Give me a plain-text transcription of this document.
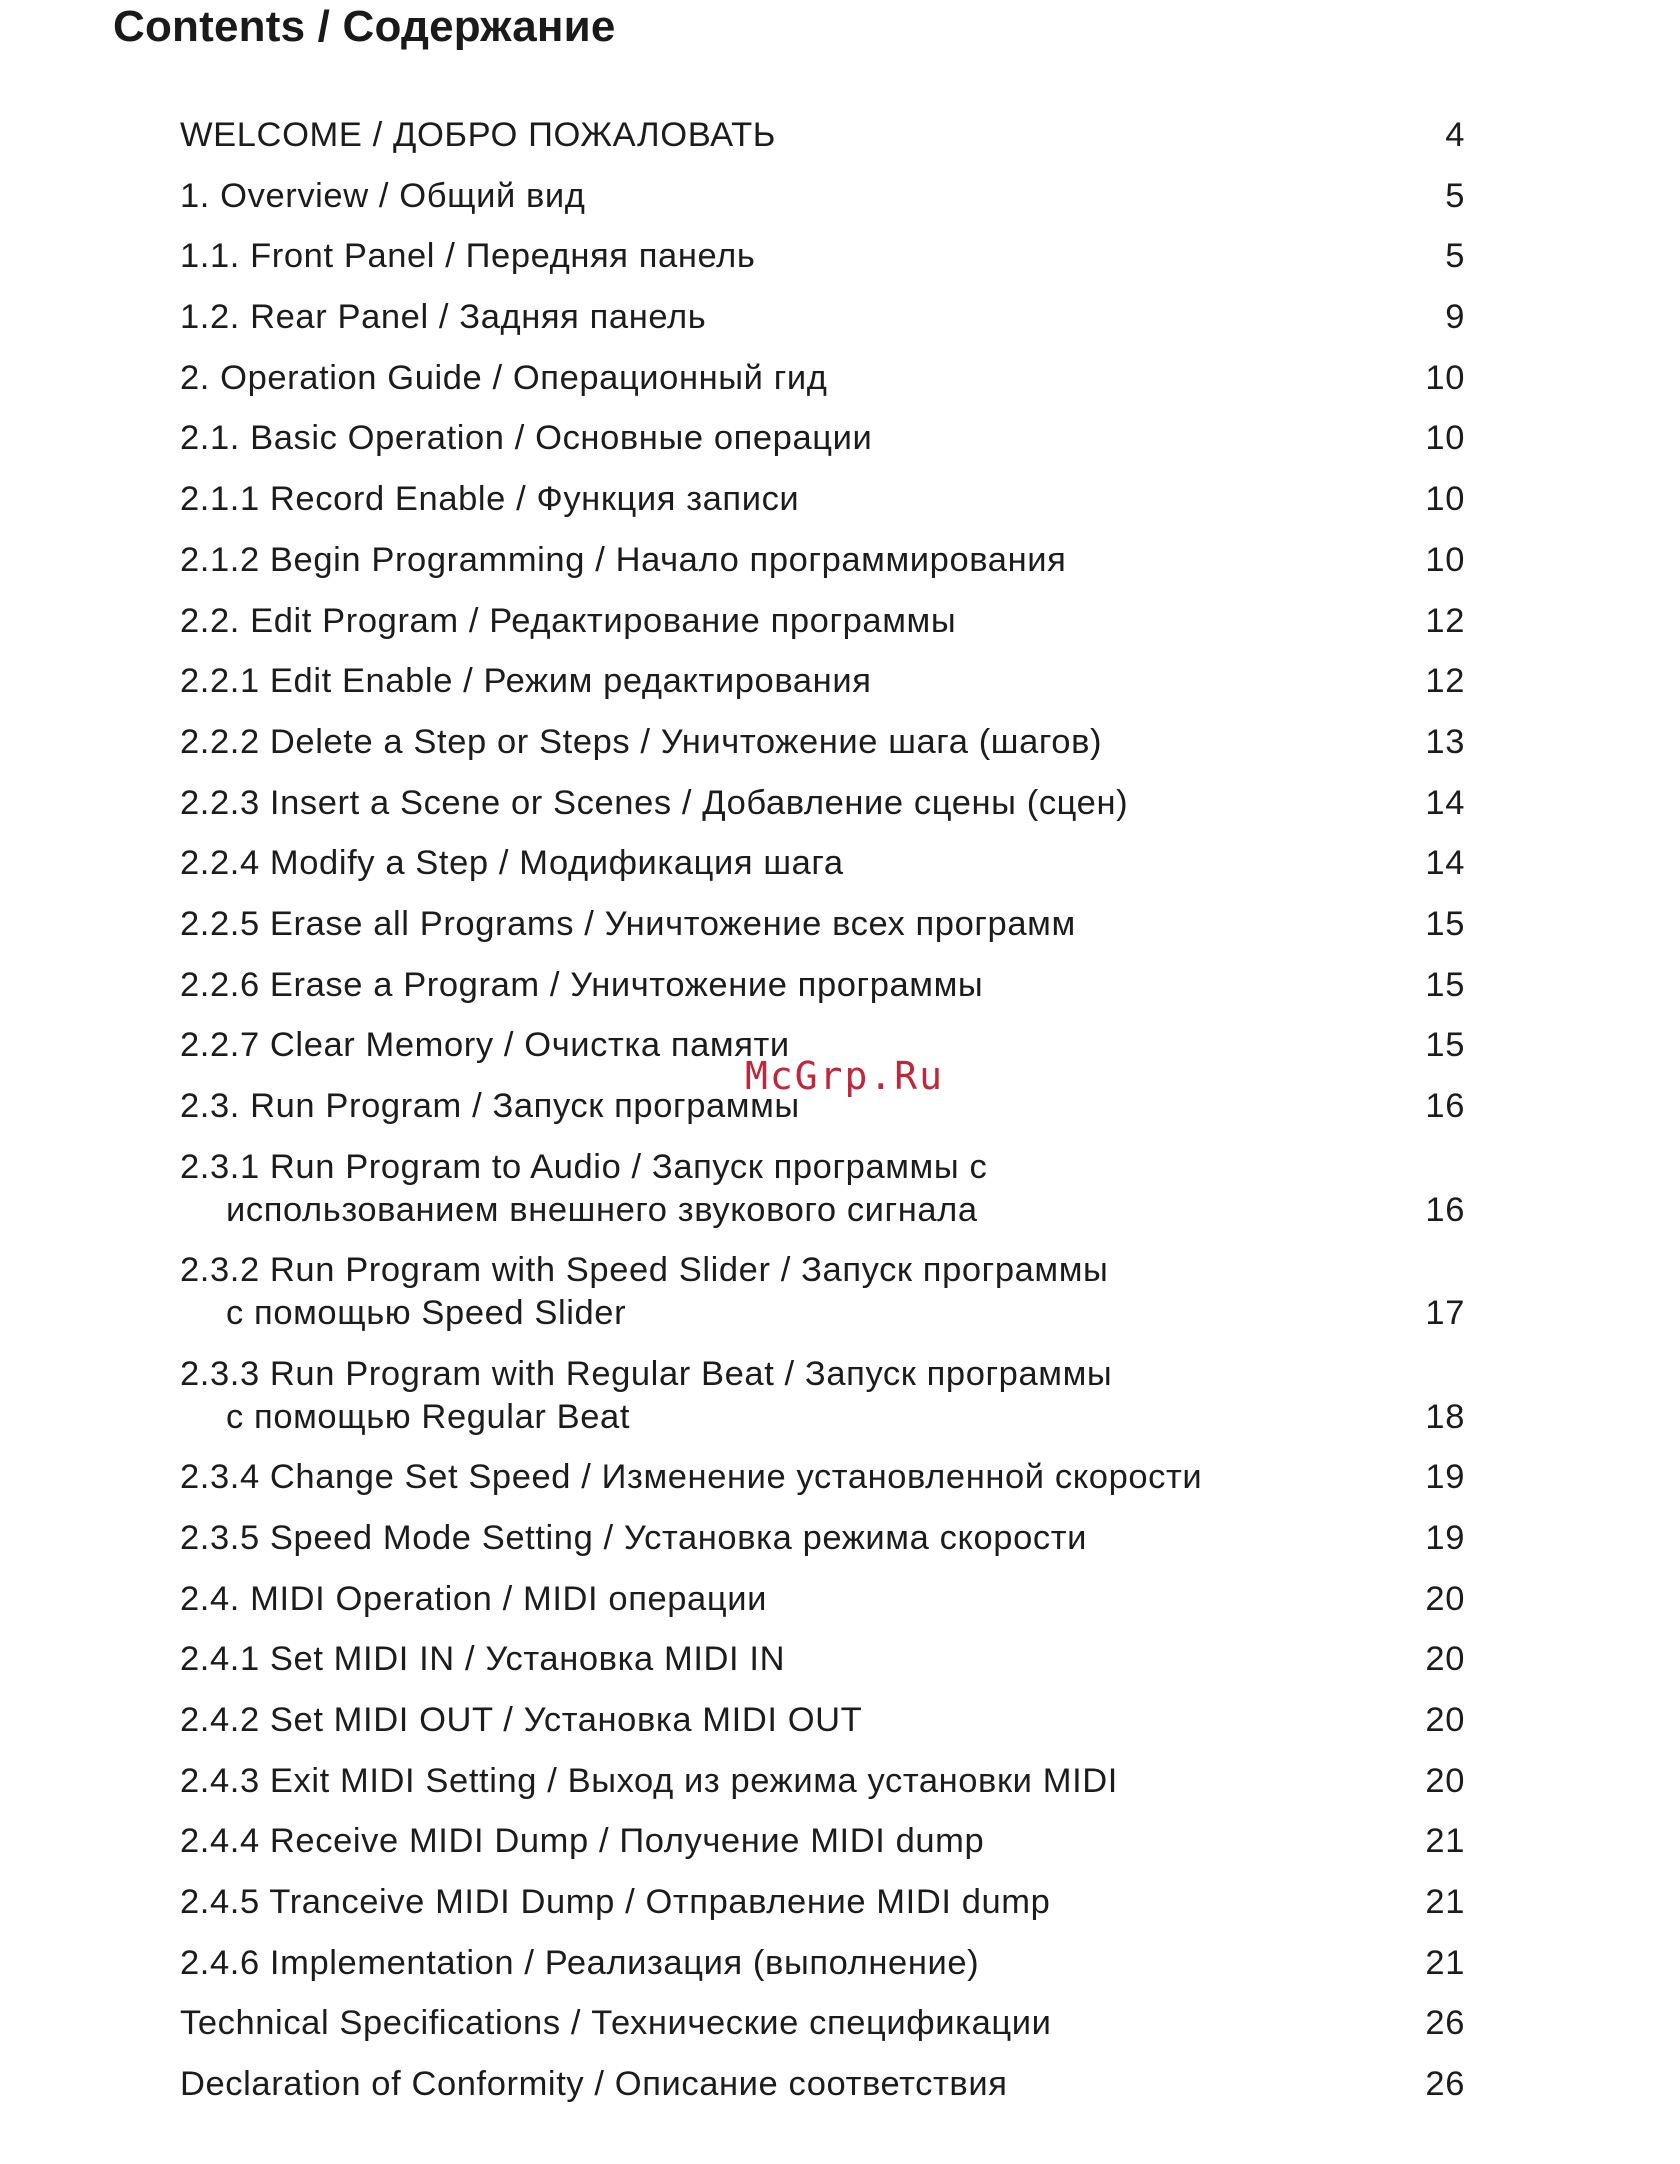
Contents / Содержание
WELCOME / ДОБРО ПОЖАЛОВАТЬ	4
1. Overview / Общий вид	5
1.1. Front Panel / Передняя панель	5
1.2. Rear Panel / Задняя панель	9
2. Operation Guide / Операционный гид	10
2.1. Basic Operation / Основные операции	10
2.1.1 Record Enable / Функция записи	10
2.1.2 Begin Programming / Начало программирования	10
2.2. Edit Program / Редактирование программы	12
2.2.1 Edit Enable / Режим редактирования	12
2.2.2 Delete a Step or Steps / Уничтожение шага (шагов)	13
2.2.3 Insert a Scene or Scenes / Добавление сцены (сцен)	14
2.2.4 Modify a Step / Модификация шага	14
2.2.5 Erase all Programs / Уничтожение всех программ	15
2.2.6 Erase a Program / Уничтожение программы	15
2.2.7 Clear Memory / Очистка памяти	15
2.3. Run Program / Запуск программы	16
2.3.1 Run Program to Audio / Запуск программы с
использованием внешнего звукового сигнала	16
2.3.2 Run Program with Speed Slider / Запуск программы
с помощью Speed Slider	17
2.3.3 Run Program with Regular Beat / Запуск программы
с помощью Regular Beat	18
2.3.4 Change Set Speed / Изменение установленной скорости	19
2.3.5 Speed Mode Setting / Установка режима скорости	19
2.4. MIDI Operation / MIDI операции	20
2.4.1 Set MIDI IN / Установка MIDI IN	20
2.4.2 Set MIDI OUT / Установка MIDI OUT	20
2.4.3 Exit MIDI Setting / Выход из режима установки MIDI	20
2.4.4 Receive MIDI Dump / Получение MIDI dump	21
2.4.5 Tranceive MIDI Dump / Отправление MIDI dump	21
2.4.6 Implementation / Реализация (выполнение)	21
Technical Specifications / Технические спецификации	26
Declaration of Conformity / Описание соответствия	26
McGrp.Ru
